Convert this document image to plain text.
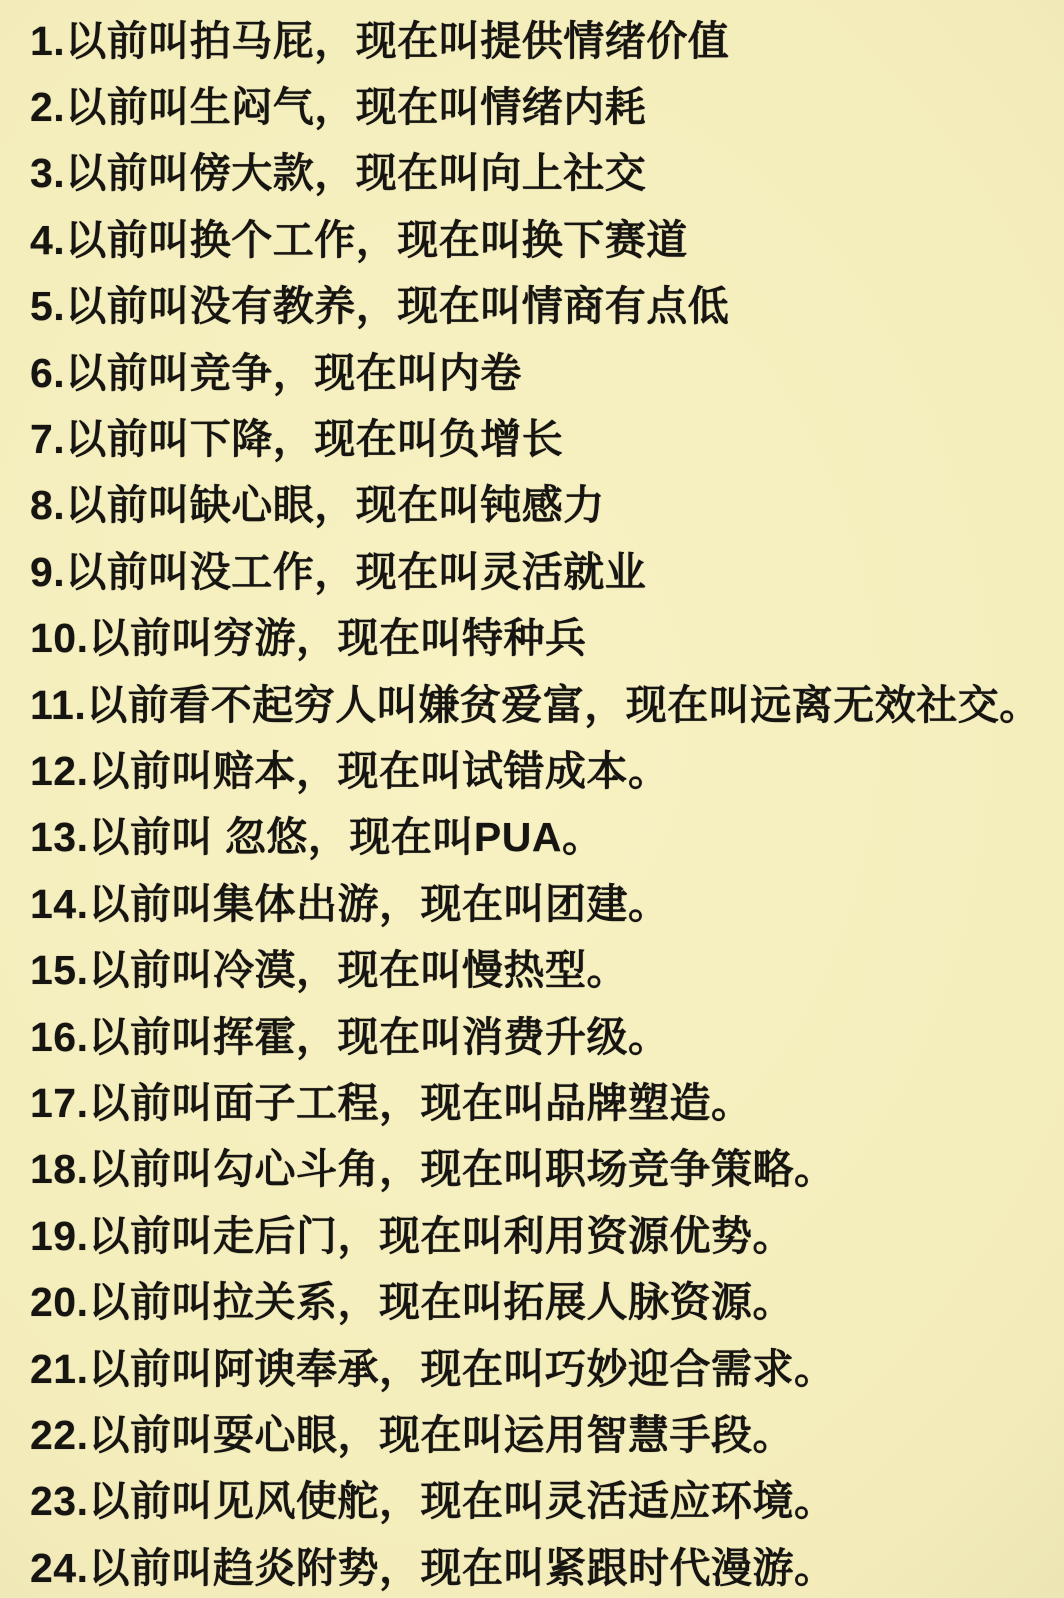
1.以前叫拍马屁，现在叫提供情绪价值
2.以前叫生闷气，现在叫情绪内耗
3.以前叫傍大款，现在叫向上社交
4.以前叫换个工作，现在叫换下赛道
5.以前叫没有教养，现在叫情商有点低
6.以前叫竞争，现在叫内卷
7.以前叫下降，现在叫负增长
8.以前叫缺心眼，现在叫钝感力
9.以前叫没工作，现在叫灵活就业
10.以前叫穷游，现在叫特种兵
11.以前看不起穷人叫嫌贫爱富，现在叫远离无效社交。
12.以前叫赔本，现在叫试错成本。
13.以前叫 忽悠，现在叫PUA。
14.以前叫集体出游，现在叫团建。
15.以前叫冷漠，现在叫慢热型。
16.以前叫挥霍，现在叫消费升级。
17.以前叫面子工程，现在叫品牌塑造。
18.以前叫勾心斗角，现在叫职场竞争策略。
19.以前叫走后门，现在叫利用资源优势。
20.以前叫拉关系，现在叫拓展人脉资源。
21.以前叫阿谀奉承，现在叫巧妙迎合需求。
22.以前叫耍心眼，现在叫运用智慧手段。
23.以前叫见风使舵，现在叫灵活适应环境。
24.以前叫趋炎附势，现在叫紧跟时代漫游。
